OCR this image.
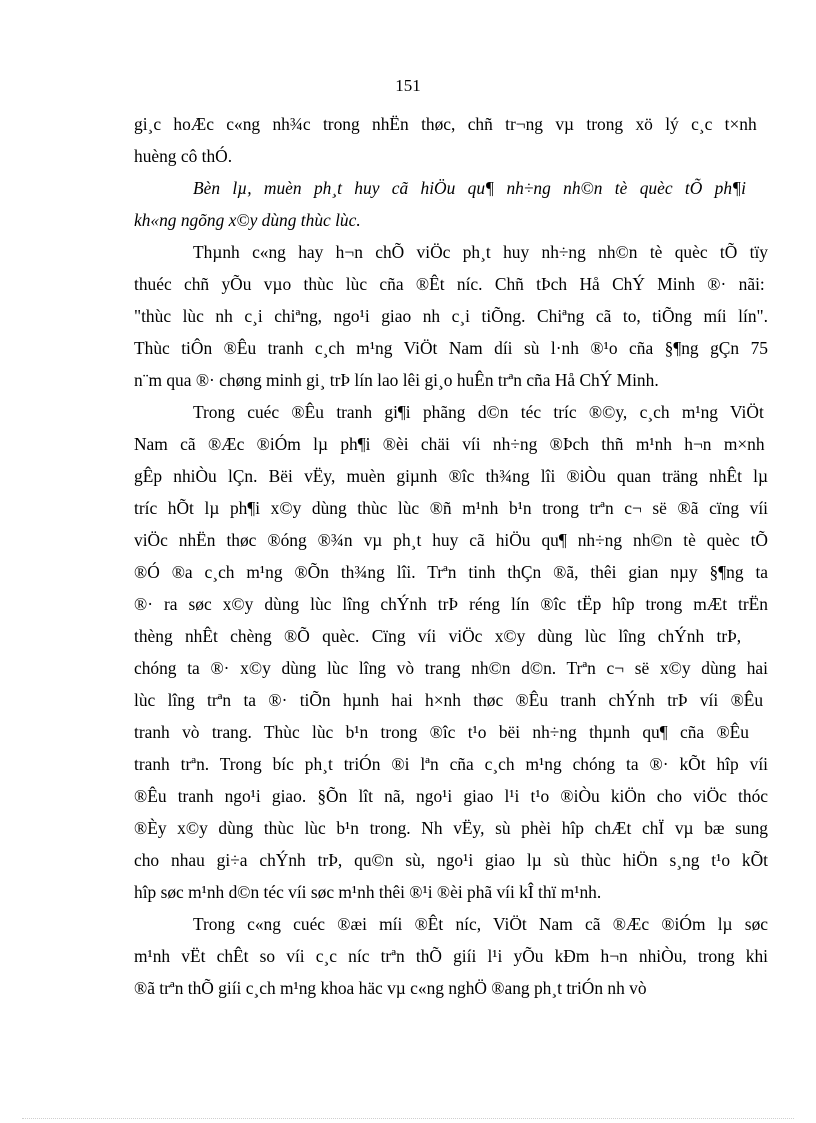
151

gi¸c hoÆc c«ng nh¾c trong nhËn thøc, chñ tr¬ng vµ trong xö lý c¸c t×nh
huèng cô thÓ.

Bèn lµ, muèn ph¸t huy cã hiÖu qu¶ nh÷ng nh©n tè quèc tÕ ph¶i
kh«ng ngõng x©y dùng thùc lùc.

Thµnh c«ng hay h¬n chÕ viÖc ph¸t huy nh÷ng nh©n tè quèc tÕ tïy
thuéc chñ yÕu vµo thùc lùc cña ®Êt níc. Chñ tÞch Hå ChÝ Minh ®· nãi:
"thùc lùc nh c¸i chiªng, ngo¹i giao nh c¸i tiÕng. Chiªng cã to, tiÕng míi lín".
Thùc tiÔn ®Êu tranh c¸ch m¹ng ViÖt Nam díi sù l·nh ®¹o cña §¶ng gÇn 75
n¨m qua ®· chøng minh gi¸ trÞ lín lao lêi gi¸o huÊn trªn cña Hå ChÝ Minh.

Trong cuéc ®Êu tranh gi¶i phãng d©n téc tríc ®©y, c¸ch m¹ng ViÖt
Nam cã ®Æc ®iÓm lµ ph¶i ®èi chäi víi nh÷ng ®Þch thñ m¹nh h¬n m×nh
gÊp nhiÒu lÇn. Bëi vËy, muèn giµnh ®îc th¾ng lîi ®iÒu quan träng nhÊt lµ
tríc hÕt lµ ph¶i x©y dùng thùc lùc ®ñ m¹nh b¹n trong trªn c¬ së ®ã cïng víi
viÖc nhËn thøc ®óng ®¾n vµ ph¸t huy cã hiÖu qu¶ nh÷ng nh©n tè quèc tÕ
®Ó ®a c¸ch m¹ng ®Õn th¾ng lîi. Trªn tinh thÇn ®ã, thêi gian nµy §¶ng ta
®· ra søc x©y dùng lùc lîng chÝnh trÞ réng lín ®îc tËp hîp trong mÆt trËn
thèng nhÊt chèng ®Õ quèc. Cïng víi viÖc x©y dùng lùc lîng chÝnh trÞ,
chóng ta ®· x©y dùng lùc lîng vò trang nh©n d©n. Trªn c¬ së x©y dùng hai
lùc lîng trªn ta ®· tiÕn hµnh hai h×nh thøc ®Êu tranh chÝnh trÞ víi ®Êu
tranh vò trang. Thùc lùc b¹n trong ®îc t¹o bëi nh÷ng thµnh qu¶ cña ®Êu
tranh trªn. Trong bíc ph¸t triÓn ®i lªn cña c¸ch m¹ng chóng ta ®· kÕt hîp víi
®Êu tranh ngo¹i giao. §Õn lît nã, ngo¹i giao l¹i t¹o ®iÒu kiÖn cho viÖc thóc
®Èy x©y dùng thùc lùc b¹n trong. Nh vËy, sù phèi hîp chÆt chÏ vµ bæ sung
cho nhau gi÷a chÝnh trÞ, qu©n sù, ngo¹i giao lµ sù thùc hiÖn s¸ng t¹o kÕt
hîp søc m¹nh d©n téc víi søc m¹nh thêi ®¹i ®èi phã víi kÎ thï m¹nh.

Trong c«ng cuéc ®æi míi ®Êt níc, ViÖt Nam cã ®Æc ®iÓm lµ søc
m¹nh vËt chÊt so víi c¸c níc trªn thÕ giíi l¹i yÕu kÐm h¬n nhiÒu, trong khi
®ã trªn thÕ giíi c¸ch m¹ng khoa häc vµ c«ng nghÖ ®ang ph¸t triÓn nh vò
